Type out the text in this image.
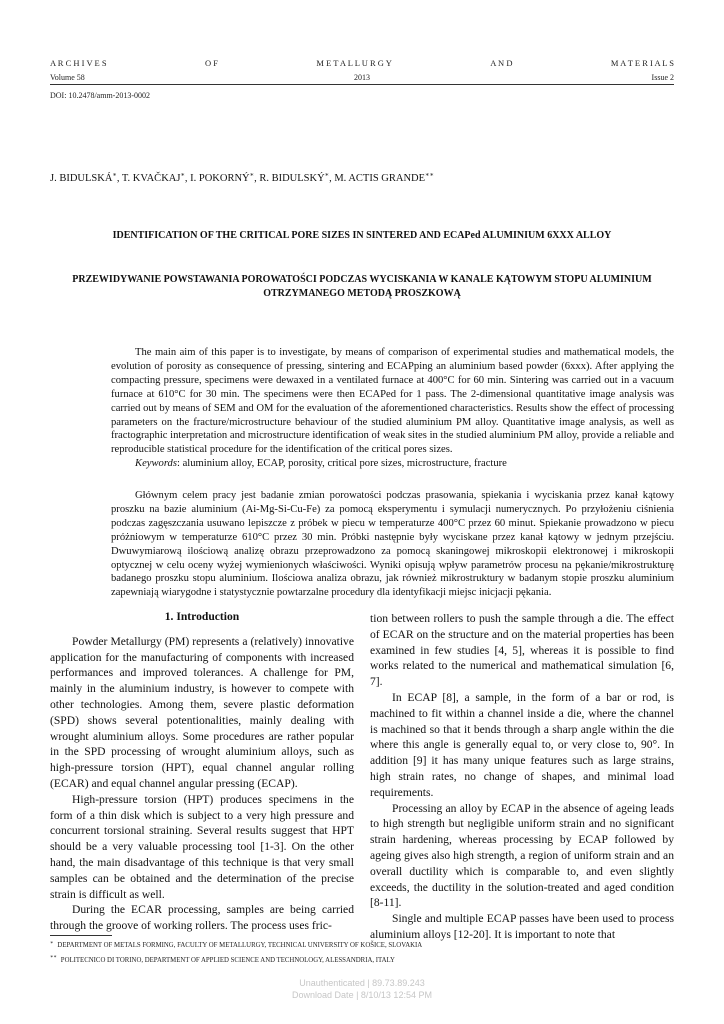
A R C H I V E S	O F	M E T A L L U R G Y	A N D	M A T E R I A L S
Volume 58	2013	Issue 2
DOI: 10.2478/amm-2013-0002
J. BIDULSKÁ∗, T. KVAČKAJ∗, I. POKORNÝ∗, R. BIDULSKÝ∗, M. ACTIS GRANDE∗∗
IDENTIFICATION OF THE CRITICAL PORE SIZES IN SINTERED AND ECAPed ALUMINIUM 6XXX ALLOY
PRZEWIDYWANIE POWSTAWANIA POROWATOŚCI PODCZAS WYCISKANIA W KANALE KĄTOWYM STOPU ALUMINIUM OTRZYMANEGO METODĄ PROSZKOWĄ

The main aim of this paper is to investigate, by means of comparison of experimental studies and mathematical models, the evolution of porosity as consequence of pressing, sintering and ECAPping an aluminium based powder (6xxx). After applying the compacting pressure, specimens were dewaxed in a ventilated furnace at 400°C for 60 min. Sintering was carried out in a vacuum furnace at 610°C for 30 min. The specimens were then ECAPed for 1 pass. The 2-dimensional quantitative image analysis was carried out by means of SEM and OM for the evaluation of the aforementioned characteristics. Results show the effect of processing parameters on the fracture/microstructure behaviour of the studied aluminium PM alloy. Quantitative image analysis, as well as fractographic interpretation and microstructure identification of weak sites in the studied aluminium PM alloy, provide a reliable and reproducible statistical procedure for the identification of the critical pores sizes.

Keywords: aluminium alloy, ECAP, porosity, critical pore sizes, microstructure, fracture

Głównym celem pracy jest badanie zmian porowatości podczas prasowania, spiekania i wyciskania przez kanał kątowy proszku na bazie aluminium (Ai-Mg-Si-Cu-Fe) za pomocą eksperymentu i symulacji numerycznych. Po przyłożeniu ciśnienia podczas zagęszczania usuwano lepiszcze z próbek w piecu w temperaturze 400°C przez 60 minut. Spiekanie prowadzono w piecu próżniowym w temperaturze 610°C przez 30 min. Próbki następnie były wyciskane przez kanał kątowy w jednym przejściu. Dwuwymiarową ilościową analizę obrazu przeprowadzono za pomocą skaningowej mikroskopii elektronowej i mikroskopii optycznej w celu oceny wyżej wymienionych właściwości. Wyniki opisują wpływ parametrów procesu na pękanie/mikrostrukturę badanego proszku stopu aluminium. Ilościowa analiza obrazu, jak również mikrostruktury w badanym stopie proszku aluminium zapewniają wiarygodne i statystycznie powtarzalne procedury dla identyfikacji miejsc inicjacji pękania.

1. Introduction

Powder Metallurgy (PM) represents a (relatively) innovative application for the manufacturing of components with increased performances and improved tolerances. A challenge for PM, mainly in the aluminium industry, is however to compete with other technologies. Among them, severe plastic deformation (SPD) shows several potentionalities, mainly dealing with wrought aluminium alloys. Some procedures are rather popular in the SPD processing of wrought aluminium alloys, such as high-pressure torsion (HPT), equal channel angular rolling (ECAR) and equal channel angular pressing (ECAP).

High-pressure torsion (HPT) produces specimens in the form of a thin disk which is subject to a very high pressure and concurrent torsional straining. Several results suggest that HPT should be a very valuable processing tool [1-3]. On the other hand, the main disadvantage of this technique is that very small samples can be obtained and the determination of the precise strain is difficult as well.

During the ECAR processing, samples are being carried through the groove of working rollers. The process uses fric-

tion between rollers to push the sample through a die. The effect of ECAR on the structure and on the material properties has been examined in few studies [4, 5], whereas it is possible to find works related to the numerical and mathematical simulation [6, 7].

In ECAP [8], a sample, in the form of a bar or rod, is machined to fit within a channel inside a die, where the channel is machined so that it bends through a sharp angle within the die where this angle is generally equal to, or very close to, 90°. In addition [9] it has many unique features such as large strains, high strain rates, no change of shapes, and minimal load requirements.

Processing an alloy by ECAP in the absence of ageing leads to high strength but negligible uniform strain and no significant strain hardening, whereas processing by ECAP followed by ageing gives also high strength, a region of uniform strain and an overall ductility which is comparable to, and even slightly exceeds, the ductility in the solution-treated and aged condition [8-11].

Single and multiple ECAP passes have been used to process aluminium alloys [12-20]. It is important to note that

∗ DEPARTMENT OF METALS FORMING, FACULTY OF METALLURGY, TECHNICAL UNIVERSITY OF KOŠICE, SLOVAKIA
∗∗ POLITECNICO DI TORINO, DEPARTMENT OF APPLIED SCIENCE AND TECHNOLOGY, ALESSANDRIA, ITALY
Unauthenticated | 89.73.89.243
Download Date | 8/10/13 12:54 PM
